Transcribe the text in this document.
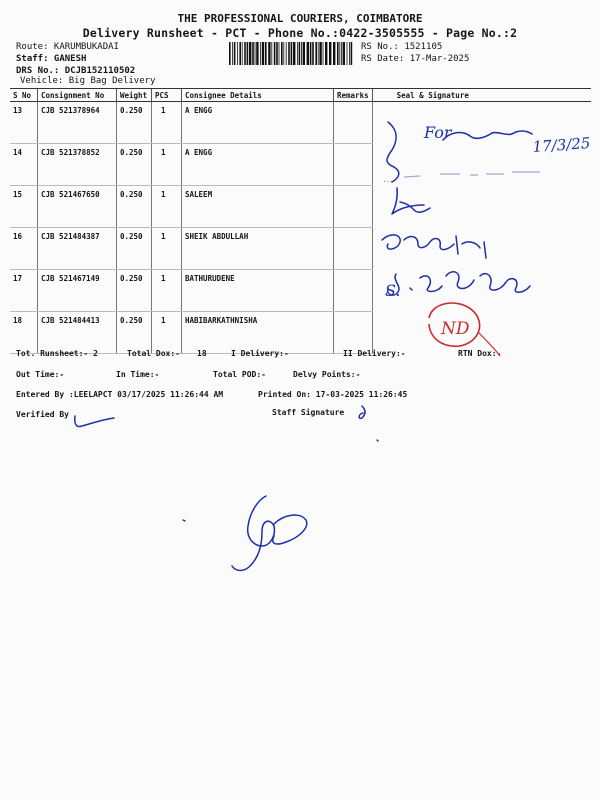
THE PROFESSIONAL COURIERS, COIMBATORE
Delivery Runsheet - PCT - Phone No.:0422-3505555 - Page No.:2
Route: KARUMBUKADAI
Staff: GANESH
DRS No.: DCJB152110502
Vehicle: Big Bag Delivery
RS No.: 1521105
RS Date: 17-Mar-2025
S No	Consignment No	Weight	PCS	Consignee Details	Remarks	Seal & Signature
13	CJB 521378964	0.250	1	A ENGG		
14	CJB 521378852	0.250	1	A ENGG		
15	CJB 521467650	0.250	1	SALEEM		
16	CJB 521484387	0.250	1	SHEIK ABDULLAH		
17	CJB 521467149	0.250	1	BATHURUDENE		
18	CJB 521484413	0.250	1	HABIBARKATHNISHA		
Tot. Runsheet:- 2	Total Dox:- 18	I Delivery:-	II Delivery:-	RTN Dox:-
Out Time:-	In Time:-	Total POD:-	Delvy Points:-
Entered By :LEELAPCT 03/17/2025 11:26:44 AM	Printed On: 17-03-2025 11:26:45
Verified By	Staff Signature
For
17/3/25
...
S.
ND
